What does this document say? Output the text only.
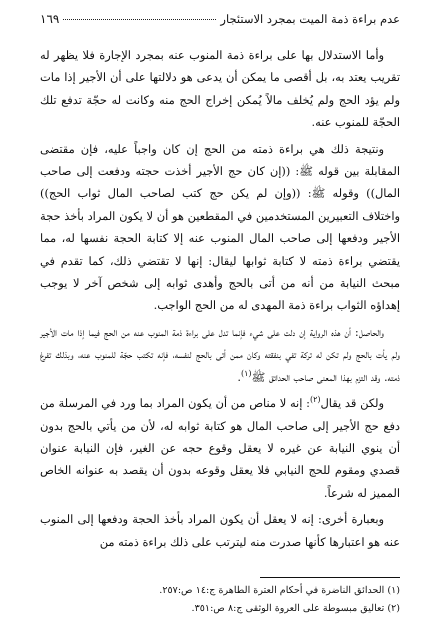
عدم براءة ذمة الميت بمجرد الاستئجار
١٦٩

وأما الاستدلال بها على براءة ذمة المنوب عنه بمجرد الإجارة فلا يظهر له تقريب يعتد به، بل أقصى ما يمكن أن يدعى هو دلالتها على أن الأجير إذا مات ولم يؤد الحج ولم يُخلف مالاً يُمكن إخراج الحج منه وكانت له حجّة تدفع تلك الحجّة للمنوب عنه.

ونتيجة ذلك هي براءة ذمته من الحج إن كان واجباً عليه، فإن مقتضى المقابلة بين قوله ﷺ: ((إن كان حج الأجير أخذت حجته ودفعت إلى صاحب المال)) وقوله ﷺ: ((وإن لم يكن حج كتب لصاحب المال ثواب الحج)) واختلاف التعبيرين المستخدمين في المقطعين هو أن لا يكون المراد بأخذ حجة الأجير ودفعها إلى صاحب المال المنوب عنه إلا كتابة الحجة نفسها له، مما يقتضي براءة ذمته لا كتابة ثوابها ليقال: إنها لا تقتضي ذلك، كما تقدم في مبحث النيابة من أنه من أتى بالحج وأهدى ثوابه إلى شخص آخر لا يوجب إهداؤه الثواب براءة ذمة المهدى له من الحج الواجب.

والحاصل: أن هذه الرواية إن دلت على شيء فإنما تدل على براءة ذمة المنوب عنه من الحج فيما إذا مات الأجير ولم يأت بالحج ولم تكن له تركة تفي بنفقته وكان ممن أتى بالحج لنفسه، فإنه تكتب حجّة للمنوب عنه، وبذلك تفرغ ذمته. وقد التزم بهذا المعنى صاحب الحدائق ﷺ$^{(١)}$.

ولكن قد يقال$^{(٢)}$: إنه لا مناص من أن يكون المراد بما ورد في المرسلة من دفع حج الأجير إلى صاحب المال هو كتابة ثوابه له، لأن من يأتي بالحج بدون أن ينوي النيابة عن غيره لا يعقل وقوع حجه عن الغير، فإن النيابة عنوان قصدي ومقوم للحج النيابي فلا يعقل وقوعه بدون أن يقصد به عنوانه الخاص المميز له شرعاً.

وبعبارة أخرى: إنه لا يعقل أن يكون المراد بأخذ الحجة ودفعها إلى المنوب عنه هو اعتبارها كأنها صدرت منه ليترتب على ذلك براءة ذمته من

(١) الحدائق الناضرة في أحكام العترة الطاهرة ج:١٤ ص:٢٥٧.
(٢) تعاليق مبسوطة على العروة الوثقى ج:٨ ص:٣٥١.
